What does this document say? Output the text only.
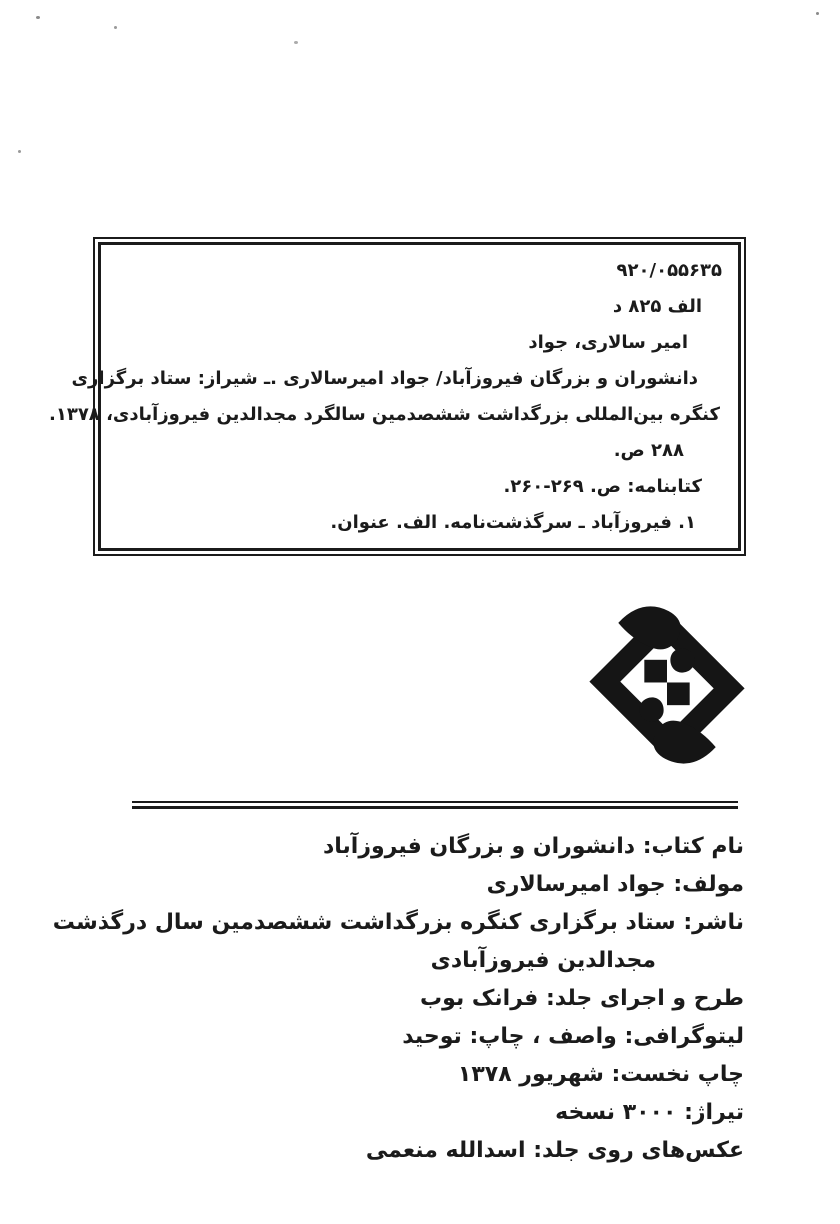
۹۲۰/۰۵۵۶۳۵
الف ۸۲۵ د
امیر سالاری، جواد
دانشوران و بزرگان فیروزآباد/ جواد امیرسالاری .ـ شیراز: ستاد برگزاری
کنگره بین‌المللی بزرگداشت ششصدمین سالگرد مجدالدین فیروزآبادی، ۱۳۷۸.
۲۸۸ ص.
کتابنامه: ص. ۲۶۹-۲۶۰.
۱. فیروزآباد ـ سرگذشت‌نامه. الف. عنوان.
نام کتاب: دانشوران و بزرگان فیروزآباد
مولف: جواد امیرسالاری
ناشر: ستاد برگزاری کنگره بزرگداشت ششصدمین سال درگذشت
مجدالدین فیروزآبادی
طرح و اجرای جلد: فرانک بوب
لیتوگرافی: واصف ، چاپ: توحید
چاپ نخست: شهریور ۱۳۷۸
تیراژ: ۳۰۰۰ نسخه
عکس‌های روی جلد: اسدالله منعمی
